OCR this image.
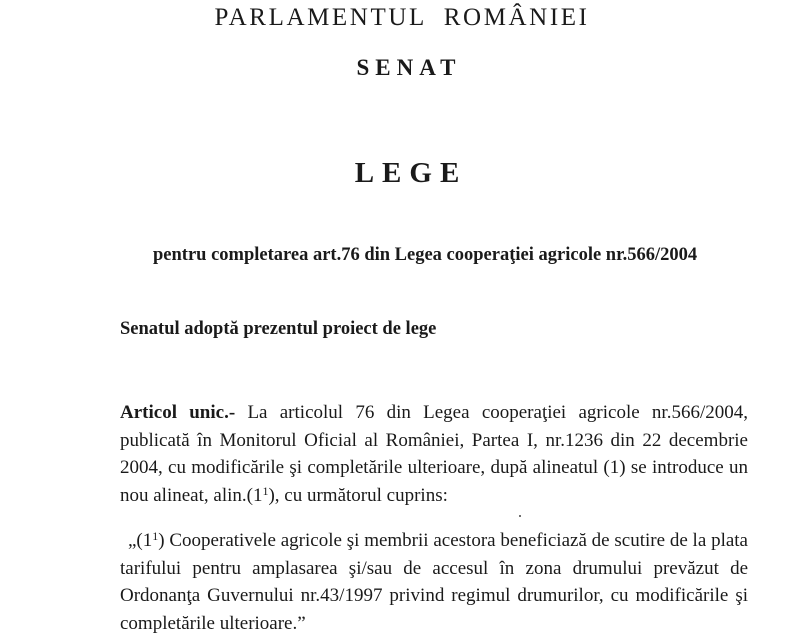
PARLAMENTUL ROMÂNIEI
SENAT
LEGE
pentru completarea art.76 din Legea cooperaţiei agricole nr.566/2004
Senatul adoptă prezentul proiect de lege

Articol unic.- La articolul 76 din Legea cooperaţiei agricole nr.566/2004, publicată în Monitorul Oficial al României, Partea I, nr.1236 din 22 decembrie 2004, cu modificările şi completările ulterioare, după alineatul (1) se introduce un nou alineat, $alin.(1^1)$, cu următorul cuprins:

$„(1^1)$ Cooperativele agricole şi membrii acestora beneficiază de scutire de la plata tarifului pentru amplasarea şi/sau de accesul în zona drumului prevăzut de Ordonanţa Guvernului nr.43/1997 privind regimul drumurilor, cu modificările şi completările ulterioare.”
